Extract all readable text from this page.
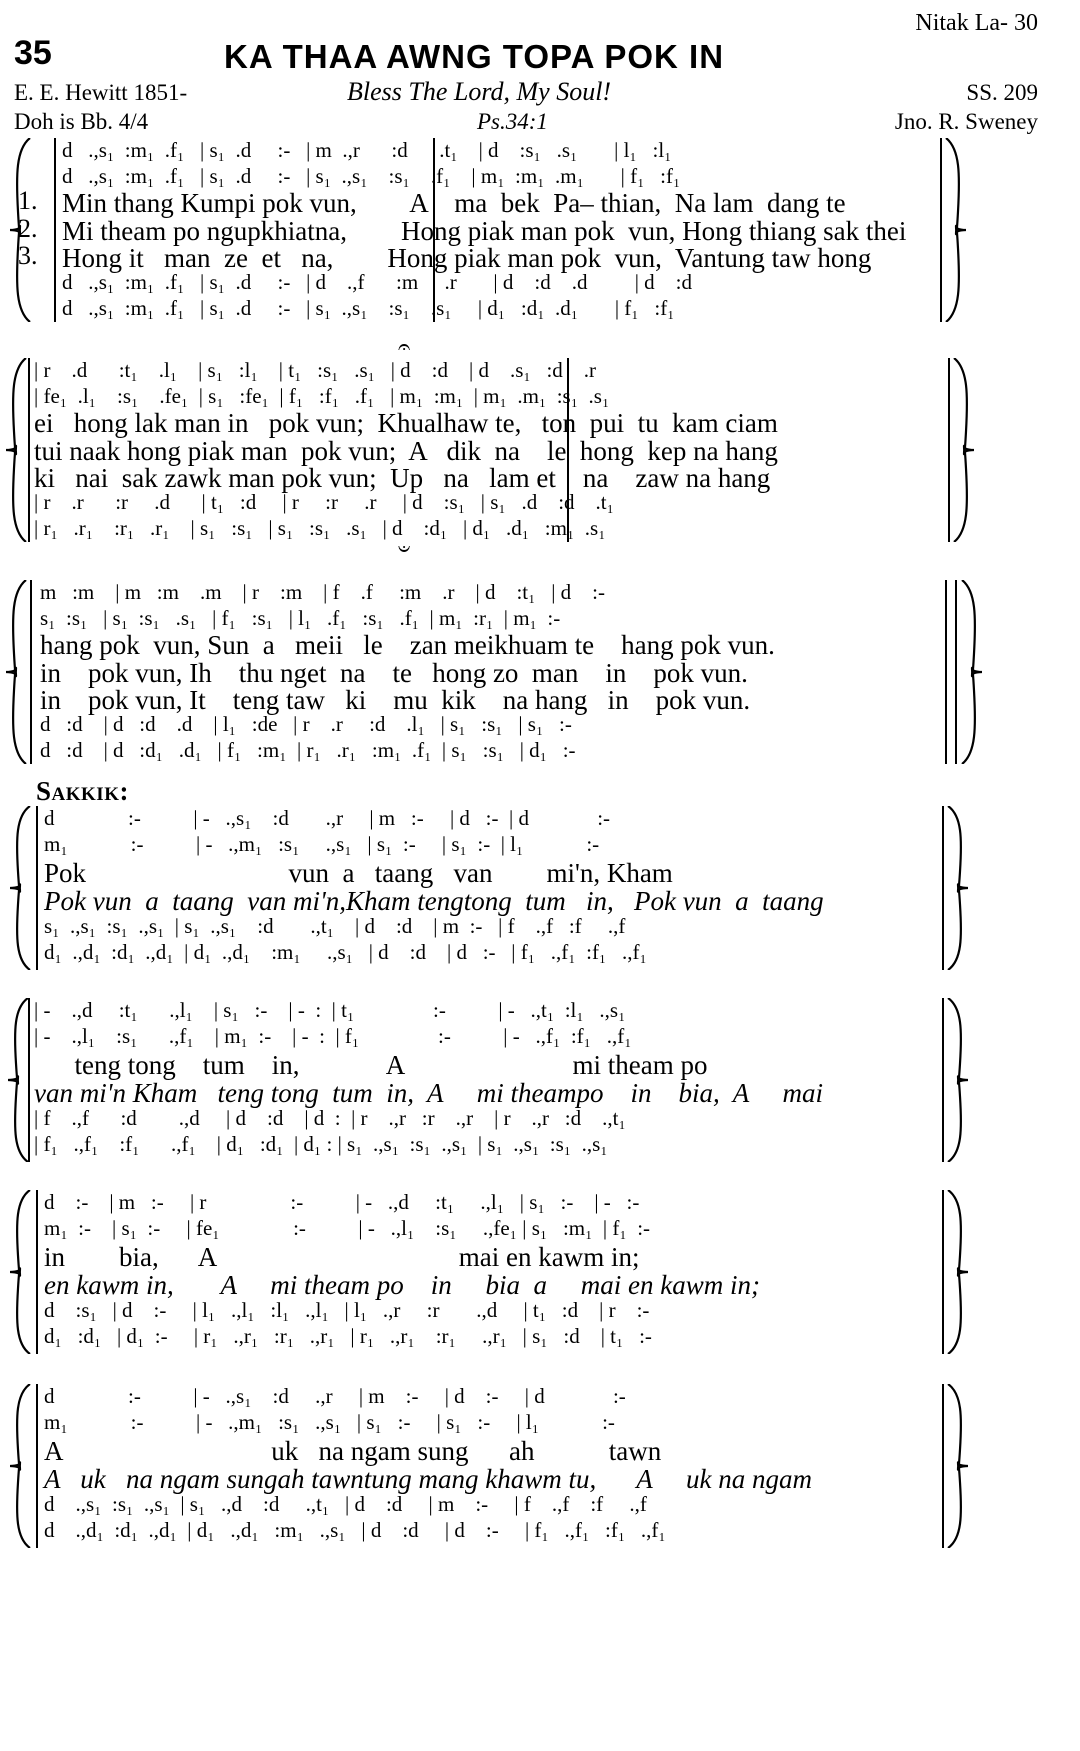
Nitak La- 30
35	KA THAA AWNG TOPA POK IN
E. E. Hewitt 1851-	Bless The Lord, My Soul!	SS. 209
Doh is Bb. 4/4	Ps.34:1	Jno. R. Sweney
Sakkik:
𝄐
𝄑
1.
2.
3.
d   .,s₁  :m₁  .f₁   | s₁  .d     :-   | m  .,r      :d      .t₁    | d    :s₁   .s₁       | l₁   :l₁
d   .,s₁  :m₁  .f₁   | s₁  .d     :-   | s₁  .,s₁    :s₁    .f₁    | m₁  :m₁  .m₁       | f₁   :f₁
Min thang Kumpi pok vun,        A    ma  bek  Pa– thian,  Na lam  dang te
Mi theam po ngupkhiatna,        Hong piak man pok  vun, Hong thiang sak thei
Hong it   man  ze  et   na,        Hong piak man pok  vun,  Vantung taw hong
d   .,s₁  :m₁  .f₁   | s₁  .d     :-   | d    .,f      :m     .r       | d    :d    .d         | d    :d
d   .,s₁  :m₁  .f₁   | s₁  .d     :-   | s₁  .,s₁    :s₁    .s₁     | d₁   :d₁  .d₁       | f₁   :f₁
| r    .d      :t₁    .l₁    | s₁   :l₁    | t₁   :s₁   .s₁   | d    :d    | d    .s₁   :d    .r
| fe₁  .l₁    :s₁    .fe₁  | s₁   :fe₁  | f₁   :f₁   .f₁   | m₁  :m₁  | m₁  .m₁  :s₁  .s₁
ei   hong lak man in   pok vun;  Khualhaw te,   ton  pui  tu  kam ciam
tui naak hong piak man  pok vun;  A   dik  na    le  hong  kep na hang
ki   nai  sak zawk man pok vun;  Up   na   lam et    na    zaw na hang
| r    .r      :r     .d      | t₁   :d     | r     :r     .r     | d    :s₁   | s₁   .d    :d    .t₁
| r₁   .r₁    :r₁   .r₁    | s₁   :s₁   | s₁   :s₁   .s₁   | d    :d₁   | d₁   .d₁   :m₁  .s₁
m   :m    | m   :m    .m    | r    :m    | f    .f     :m    .r    | d    :t₁   | d    :-
s₁  :s₁   | s₁  :s₁   .s₁   | f₁   :s₁   | l₁   .f₁   :s₁   .f₁  | m₁  :r₁  | m₁  :-
hang pok  vun, Sun  a   meii   le    zan meikhuam te    hang pok vun.
in    pok vun, Ih    thu nget  na    te   hong zo  man    in    pok vun.
in    pok vun, It    teng taw   ki    mu  kik    na hang   in    pok vun.
d   :d    | d   :d    .d    | l₁   :de   | r    .r     :d    .l₁   | s₁   :s₁   | s₁   :-
d   :d    | d   :d₁   .d₁   | f₁   :m₁  | r₁   .r₁   :m₁  .f₁  | s₁   :s₁   | d₁   :-
d              :-          | -   .,s₁    :d       .,r     | m   :-     | d   :-  | d             :-
m₁            :-          | -   .,m₁   :s₁     .,s₁   | s₁  :-     | s₁  :-  | l₁            :-
Pok                              vun  a   taang   van        mi'n, Kham
Pok vun  a  taang  van mi'n,Kham tengtong  tum   in,   Pok vun  a  taang
s₁  .,s₁  :s₁  .,s₁  | s₁  .,s₁    :d       .,t₁    | d    :d    | m  :-   | f    .,f   :f     .,f
d₁  .,d₁  :d₁  .,d₁  | d₁  .,d₁    :m₁     .,s₁   | d    :d    | d   :-   | f₁   .,f₁  :f₁   .,f₁
| -    .,d     :t₁      .,l₁    | s₁   :-    | -  :  | t₁               :-          | -   .,t₁  :l₁   .,s₁
| -    .,l₁    :s₁      .,f₁    | m₁  :-    | -  :  | f₁               :-          | -   .,f₁  :f₁   .,f₁
teng tong    tum    in,             A                         mi theam po
van mi'n Kham   teng tong  tum  in,  A     mi theampo    in    bia,  A     mai
| f    .,f      :d        .,d     | d    :d    | d  :  | r    .,r   :r    .,r    | r    .,r   :d    .,t₁
| f₁   .,f₁    :f₁      .,f₁    | d₁   :d₁  | d₁ : | s₁  .,s₁  :s₁  .,s₁  | s₁  .,s₁  :s₁  .,s₁
d    :-    | m   :-     | r                :-          | -   .,d     :t₁     .,l₁   | s₁   :-    | -   :-
m₁  :-    | s₁  :-     | fe₁              :-          | -   .,l₁    :s₁     .,fe₁ | s₁   :m₁  | f₁  :-
in        bia,      A                                    mai en kawm in;
en kawm in,       A     mi theam po    in     bia  a     mai en kawm in;
d    :s₁   | d    :-     | l₁   .,l₁   :l₁   .,l₁   | l₁   .,r     :r       .,d     | t₁   :d    | r    :-
d₁   :d₁   | d₁  :-     | r₁   .,r₁   :r₁   .,r₁   | r₁   .,r₁    :r₁     .,r₁   | s₁   :d    | t₁   :-
d              :-          | -   .,s₁    :d     .,r     | m    :-     | d    :-     | d             :-
m₁            :-          | -   .,m₁   :s₁   .,s₁   | s₁   :-     | s₁   :-     | l₁            :-
A                               uk   na ngam sung      ah           tawn
A   uk   na ngam sungah tawntung mang khawm tu,      A     uk na ngam
d    .,s₁  :s₁  .,s₁  | s₁   .,d    :d     .,t₁   | d    :d     | m    :-     | f    .,f    :f     .,f
d    .,d₁  :d₁  .,d₁  | d₁   .,d₁   :m₁   .,s₁   | d    :d     | d    :-     | f₁   .,f₁   :f₁   .,f₁
